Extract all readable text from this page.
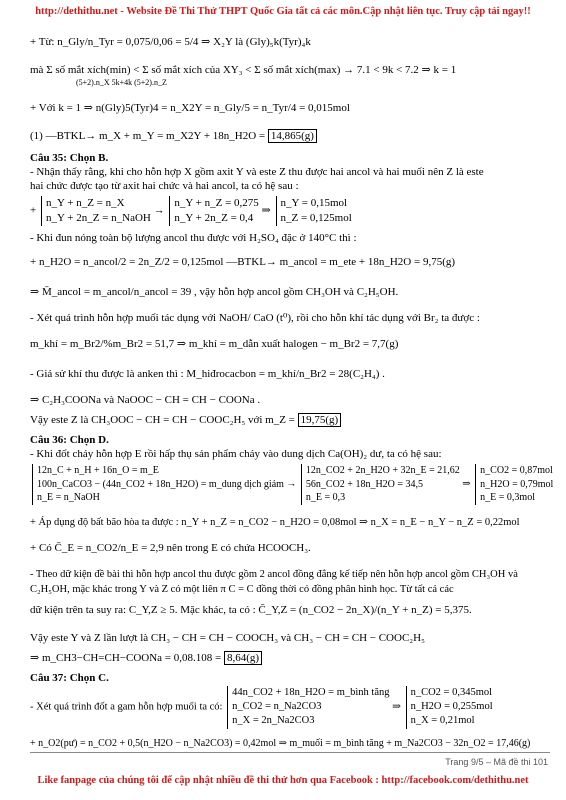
http://dethithu.net - Website Đề Thi Thử THPT Quốc Gia tất cả các môn.Cập nhật liên tục. Truy cập tải ngay!!
+ Từ: n_Gly/n_Tyr = 0,075/0,06 = 5/4 ⇒ X₂Y là (Gly)₅k(Tyr)₄k
mà Σ số mắt xích(min) < Σ số mắt xích của XY₃ < Σ số mắt xích(max) → 7.1 < 9k < 7.2 ⇒ k = 1
(5+2).n_X 5k+4k (5+2).n_Z
+ Với k = 1 ⇒ n(Gly)5(Tyr)4 = n_X2Y = n_Gly/5 = n_Tyr/4 = 0,015mol
(1) —BTKL→ m_X + m_Y = m_X2Y + 18n_H2O = 14,865(g)
Câu 35: Chọn B.
- Nhận thấy rằng, khi cho hỗn hợp X gồm axit Y và este Z thu được hai ancol và hai muối nên Z là este
hai chức được tạo từ axit hai chức và hai ancol, ta có hệ sau :
+
n_Y + n_Z = n_X
n_Y + 2n_Z = n_NaOH
→
n_Y + n_Z = 0,275
n_Y + 2n_Z = 0,4
⇒
n_Y = 0,15mol
n_Z = 0,125mol
- Khi đun nóng toàn bộ lượng ancol thu được với H₂SO₄ đặc ở 140°C thì :
+ n_H2O = n_ancol/2 = 2n_Z/2 = 0,125mol —BTKL→ m_ancol = m_ete + 18n_H2O = 9,75(g)
⇒ M̄_ancol = m_ancol/n_ancol = 39 , vậy hỗn hợp ancol gồm CH₃OH và C₂H₅OH.
- Xét quá trình hỗn hợp muối tác dụng với NaOH/ CaO (t⁰), rồi cho hỗn khí tác dụng với Br₂ ta được :
m_khí = m_Br2/%m_Br2 = 51,7 ⇒ m_khí = m_dẫn xuất halogen − m_Br2 = 7,7(g)
- Giả sử khí thu được là anken thì : M_hiđrocacbon = m_khí/n_Br2 = 28(C₂H₄) .
⇒ C₂H₃COONa và NaOOC − CH = CH − COONa .
Vậy este Z là CH₃OOC − CH = CH − COOC₂H₅ với m_Z = 19,75(g)
Câu 36: Chọn D.
- Khi đốt cháy hỗn hợp E rồi hấp thụ sản phẩm cháy vào dung dịch Ca(OH)₂ dư, ta có hệ sau:
12n_C + n_H + 16n_O = m_E
100n_CaCO3 − (44n_CO2 + 18n_H2O) = m_dung dịch giảm
n_E = n_NaOH
→
12n_CO2 + 2n_H2O + 32n_E = 21,62
56n_CO2 + 18n_H2O = 34,5
n_E = 0,3
⇒
n_CO2 = 0,87mol
n_H2O = 0,79mol
n_E = 0,3mol
+ Áp dụng độ bất bão hòa ta được : n_Y + n_Z = n_CO2 − n_H2O = 0,08mol ⇒ n_X = n_E − n_Y − n_Z = 0,22mol
+ Có C̄_E = n_CO2/n_E = 2,9 nên trong E có chứa HCOOCH₃.
- Theo dữ kiện đề bài thì hỗn hợp ancol thu được gồm 2 ancol đồng đẳng kế tiếp nên hỗn hợp ancol gồm CH₃OH và
C₂H₅OH, mặc khác trong Y và Z có một liên π C = C đồng thời có đồng phân hình học. Từ tất cả các
dữ kiện trên ta suy ra: C_Y,Z ≥ 5. Mặc khác, ta có : C̄_Y,Z = (n_CO2 − 2n_X)/(n_Y + n_Z) = 5,375.
Vậy este Y và Z lần lượt là CH₃ − CH = CH − COOCH₃ và CH₃ − CH = CH − COOC₂H₅
⇒ m_CH3−CH=CH−COONa = 0,08.108 = 8,64(g)
Câu 37: Chọn C.
- Xét quá trình đốt a gam hỗn hợp muối ta có:
44n_CO2 + 18n_H2O = m_bình tăng
n_CO2 = n_Na2CO3
n_X = 2n_Na2CO3
⇒
n_CO2 = 0,345mol
n_H2O = 0,255mol
n_X = 0,21mol
+ n_O2(pư) = n_CO2 + 0,5(n_H2O − n_Na2CO3) = 0,42mol ⇒ m_muối = m_bình tăng + m_Na2CO3 − 32n_O2 = 17,46(g)
Trang 9/5 – Mã đề thi 101
Like fanpage của chúng tôi để cập nhật nhiều đề thi thử hơn qua Facebook : http://facebook.com/dethithu.net
